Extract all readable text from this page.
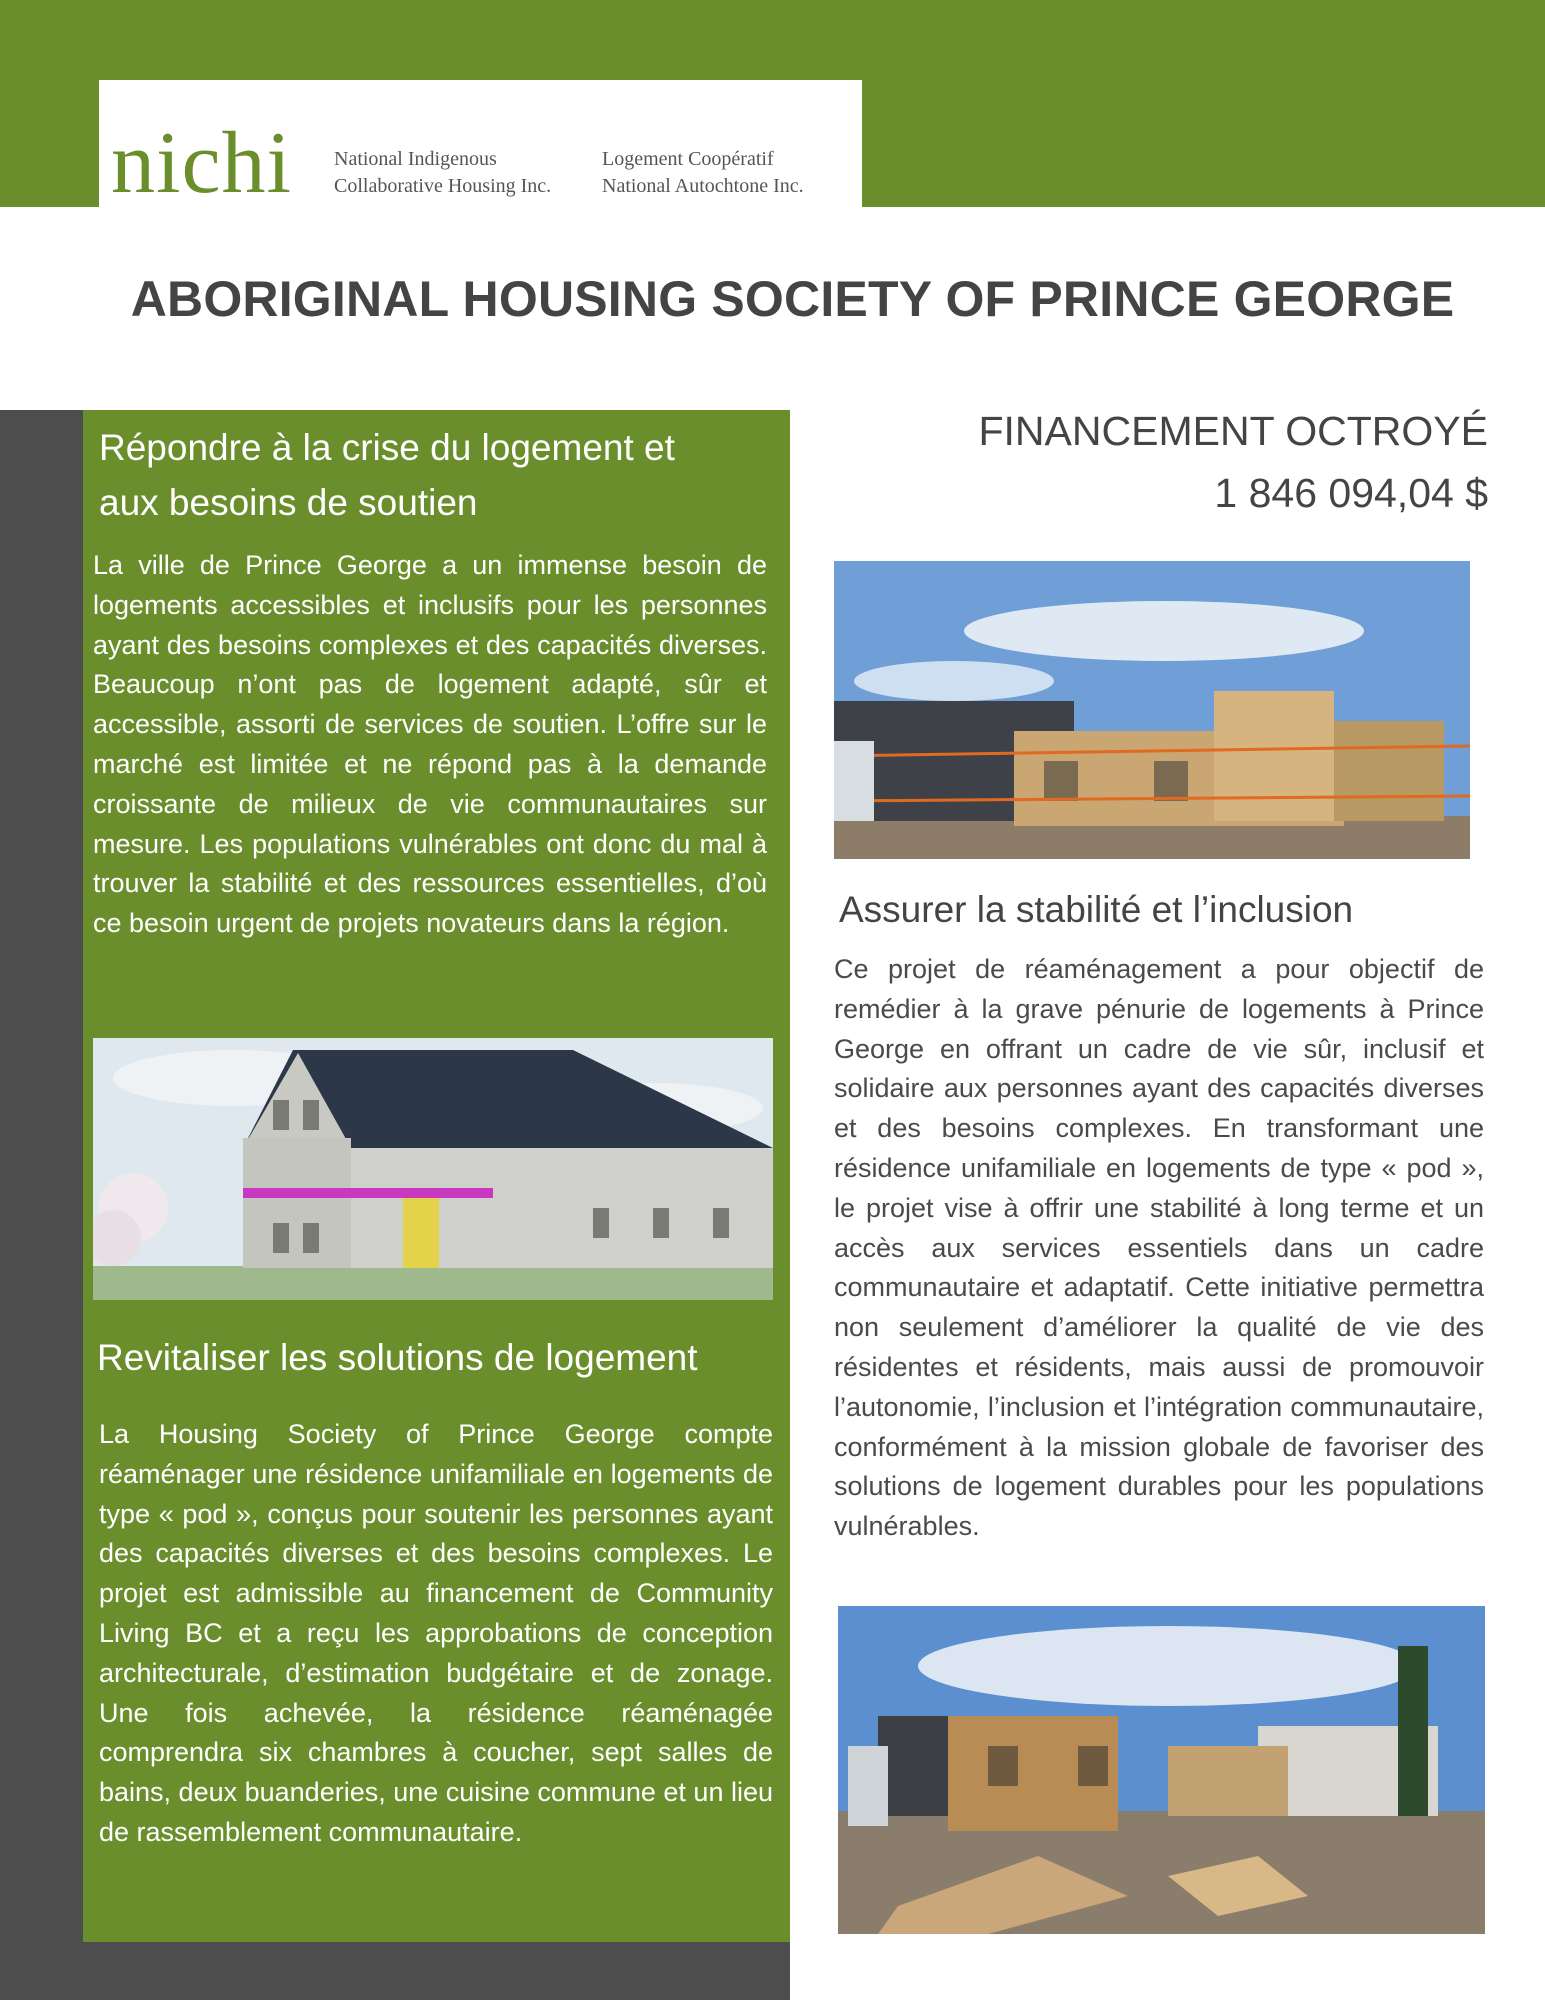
nichi National Indigenous
Collaborative Housing Inc.
Logement Coopératif
National Autochtone Inc.
ABORIGINAL HOUSING SOCIETY OF PRINCE GEORGE
Répondre à la crise du logement et
aux besoins de soutien
La ville de Prince George a un immense besoin de logements accessibles et inclusifs pour les personnes ayant des besoins complexes et des capacités diverses. Beaucoup n’ont pas de logement adapté, sûr et accessible, assorti de services de soutien. L’offre sur le marché est limitée et ne répond pas à la demande croissante de milieux de vie communautaires sur mesure. Les populations vulnérables ont donc du mal à trouver la stabilité et des ressources essentielles, d’où ce besoin urgent de projets novateurs dans la région.
Revitaliser les solutions de logement
La Housing Society of Prince George compte réaménager une résidence unifamiliale en logements de type « pod », conçus pour soutenir les personnes ayant des capacités diverses et des besoins complexes. Le projet est admissible au financement de Community Living BC et a reçu les approbations de conception architecturale, d’estimation budgétaire et de zonage. Une fois achevée, la résidence réaménagée comprendra six chambres à coucher, sept salles de bains, deux buanderies, une cuisine commune et un lieu de rassemblement communautaire.
FINANCEMENT OCTROYÉ
1 846 094,04 $
Assurer la stabilité et l’inclusion
Ce projet de réaménagement a pour objectif de remédier à la grave pénurie de logements à Prince George en offrant un cadre de vie sûr, inclusif et solidaire aux personnes ayant des capacités diverses et des besoins complexes. En transformant une résidence unifamiliale en logements de type « pod », le projet vise à offrir une stabilité à long terme et un accès aux services essentiels dans un cadre communautaire et adaptatif. Cette initiative permettra non seulement d’améliorer la qualité de vie des résidentes et résidents, mais aussi de promouvoir l’autonomie, l’inclusion et l’intégration communautaire, conformément à la mission globale de favoriser des solutions de logement durables pour les populations vulnérables.
